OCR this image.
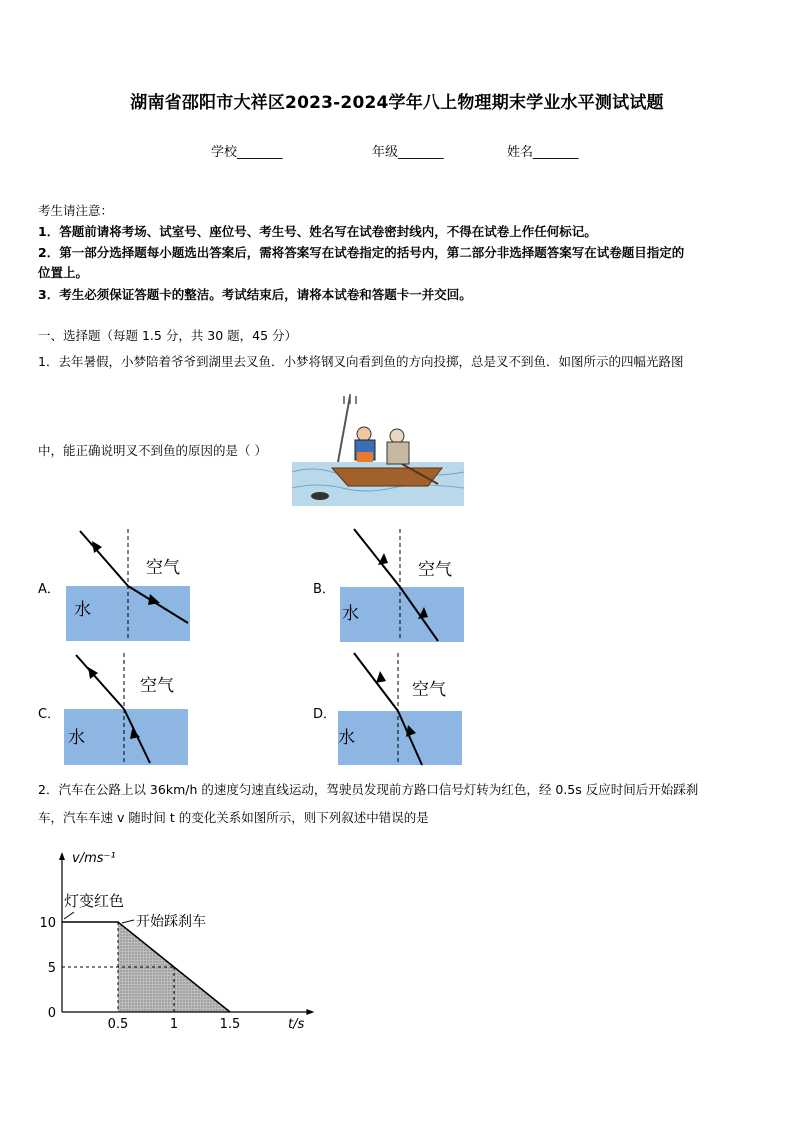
湖南省邵阳市大祥区2023-2024学年八上物理期末学业水平测试试题
学校_______	年级_______	姓名_______
考生请注意：
1．答题前请将考场、试室号、座位号、考生号、姓名写在试卷密封线内，不得在试卷上作任何标记。
2．第一部分选择题每小题选出答案后，需将答案写在试卷指定的括号内，第二部分非选择题答案写在试卷题目指定的
位置上。
3．考生必须保证答题卡的整洁。考试结束后，请将本试卷和答题卡一并交回。
一、选择题（每题 1.5 分，共 30 题，45 分）
1．去年暑假，小梦陪着爷爷到湖里去叉鱼．小梦将钢叉向看到鱼的方向投掷，总是叉不到鱼．如图所示的四幅光路图
中，能正确说明叉不到鱼的原因的是（ ）
A．
空气
水
B．
空气
水
C．
空气
水
D．
空气
水
2．汽车在公路上以 36km/h 的速度匀速直线运动，驾驶员发现前方路口信号灯转为红色，经 0.5s 反应时间后开始踩刹
车，汽车车速 v 随时间 t 的变化关系如图所示，则下列叙述中错误的是
0.5	1	1.5
10
5
0
v/ms⁻¹
t/s
灯变红色
开始踩刹车
